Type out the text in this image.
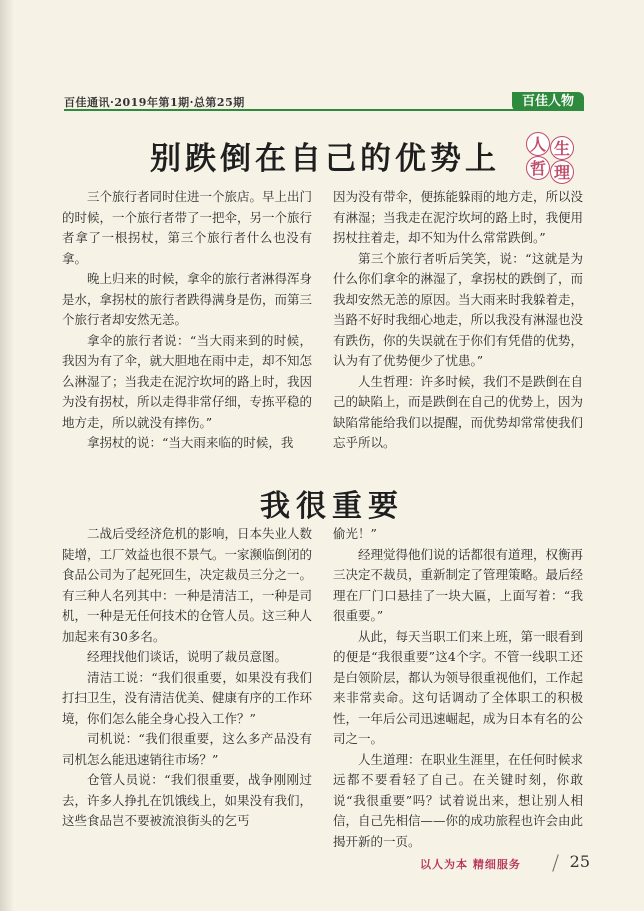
百佳通讯·2019年第1期·总第25期	百佳人物
别跌倒在自己的优势上 人 生
哲 理

三个旅行者同时住进一个旅店。早上出门的时候，一个旅行者带了一把伞，另一个旅行者拿了一根拐杖，第三个旅行者什么也没有拿。

晚上归来的时候，拿伞的旅行者淋得浑身是水，拿拐杖的旅行者跌得满身是伤，而第三个旅行者却安然无恙。

拿伞的旅行者说：“当大雨来到的时候，我因为有了伞，就大胆地在雨中走，却不知怎么淋湿了；当我走在泥泞坎坷的路上时，我因为没有拐杖，所以走得非常仔细，专拣平稳的地方走，所以就没有摔伤。”

拿拐杖的说：“当大雨来临的时候，我

因为没有带伞，便拣能躲雨的地方走，所以没有淋湿；当我走在泥泞坎坷的路上时，我便用拐杖拄着走，却不知为什么常常跌倒。”

第三个旅行者听后笑笑，说：“这就是为什么你们拿伞的淋湿了，拿拐杖的跌倒了，而我却安然无恙的原因。当大雨来时我躲着走，当路不好时我细心地走，所以我没有淋湿也没有跌伤，你的失误就在于你们有凭借的优势，认为有了优势便少了忧患。”

人生哲理：许多时候，我们不是跌倒在自己的缺陷上，而是跌倒在自己的优势上，因为缺陷常能给我们以提醒，而优势却常常使我们忘乎所以。

我很重要

二战后受经济危机的影响，日本失业人数陡增，工厂效益也很不景气。一家濒临倒闭的食品公司为了起死回生，决定裁员三分之一。有三种人名列其中：一种是清洁工，一种是司机，一种是无任何技术的仓管人员。这三种人加起来有30多名。

经理找他们谈话，说明了裁员意图。

清洁工说：“我们很重要，如果没有我们打扫卫生，没有清洁优美、健康有序的工作环境，你们怎么能全身心投入工作？”

司机说：“我们很重要，这么多产品没有司机怎么能迅速销往市场？”

仓管人员说：“我们很重要，战争刚刚过去，许多人挣扎在饥饿线上，如果没有我们，这些食品岂不要被流浪街头的乞丐

偷光！”

经理觉得他们说的话都很有道理，权衡再三决定不裁员，重新制定了管理策略。最后经理在厂门口悬挂了一块大匾，上面写着：“我很重要。”

从此，每天当职工们来上班，第一眼看到的便是“我很重要”这4个字。不管一线职工还是白领阶层，都认为领导很重视他们，工作起来非常卖命。这句话调动了全体职工的积极性，一年后公司迅速崛起，成为日本有名的公司之一。

人生道理：在职业生涯里，在任何时候求远都不要看轻了自己。在关键时刻，你敢说“我很重要”吗？试着说出来，想让别人相信，自己先相信——你的成功旅程也许会由此揭开新的一页。

以人为本 精细服务	25
